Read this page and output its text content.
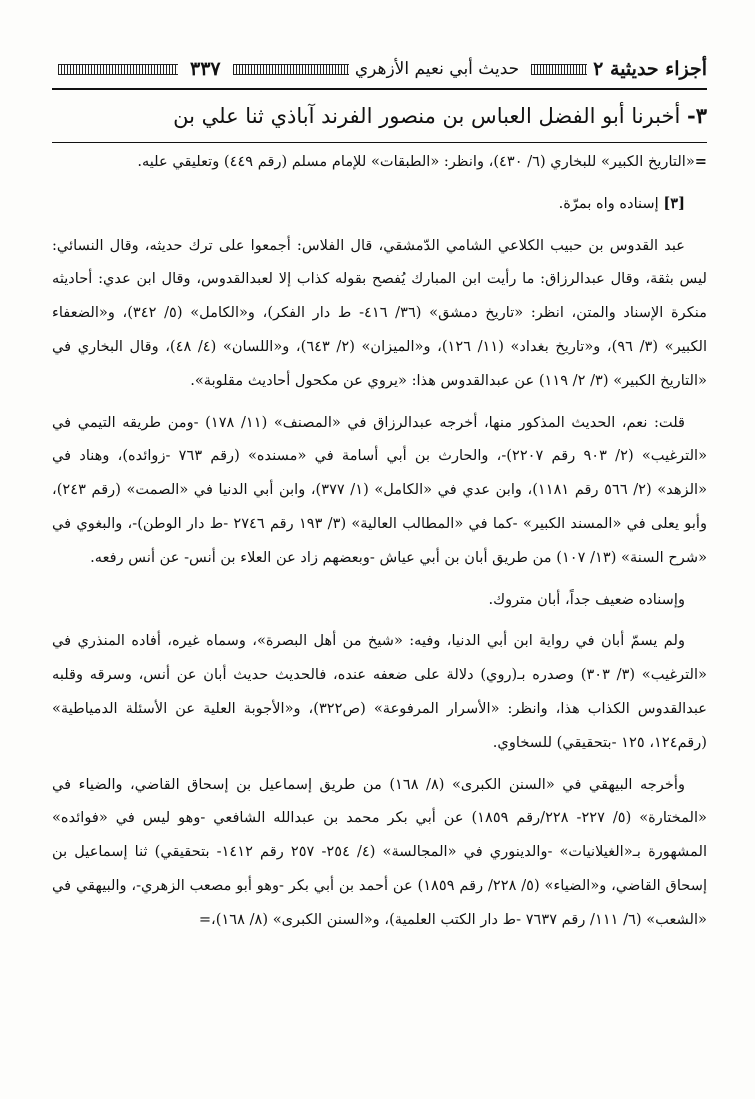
أجزاء حديثية ٢
حديث أبي نعيم الأزهري
٣٣٧
٣- أخبرنا أبو الفضل العباس بن منصور الفرند آباذي ثنا علي بن

=«التاريخ الكبير» للبخاري (٦/ ٤٣٠)، وانظر: «الطبقات» للإمام مسلم (رقم ٤٤٩) وتعليقي عليه.

[٣] إسناده واه بمرّة.

عبد القدوس بن حبيب الكلاعي الشامي الدّمشقي، قال الفلاس: أجمعوا على ترك حديثه، وقال النسائي: ليس بثقة، وقال عبدالرزاق: ما رأيت ابن المبارك يُفصح بقوله كذاب إلا لعبدالقدوس، وقال ابن عدي: أحاديثه منكرة الإسناد والمتن، انظر: «تاريخ دمشق» (٣٦/ ٤١٦- ط دار الفكر)، و«الكامل» (٥/ ٣٤٢)، و«الضعفاء الكبير» (٣/ ٩٦)، و«تاريخ بغداد» (١١/ ١٢٦)، و«الميزان» (٢/ ٦٤٣)، و«اللسان» (٤/ ٤٨)، وقال البخاري في «التاريخ الكبير» (٣/ ٢/ ١١٩) عن عبدالقدوس هذا: «يروي عن مكحول أحاديث مقلوبة».

قلت: نعم، الحديث المذكور منها، أخرجه عبدالرزاق في «المصنف» (١١/ ١٧٨) -ومن طريقه التيمي في «الترغيب» (٢/ ٩٠٣ رقم ٢٢٠٧)-، والحارث بن أبي أسامة في «مسنده» (رقم ٧٦٣ -زوائده)، وهناد في «الزهد» (٢/ ٥٦٦ رقم ١١٨١)، وابن عدي في «الكامل» (١/ ٣٧٧)، وابن أبي الدنيا في «الصمت» (رقم ٢٤٣)، وأبو يعلى في «المسند الكبير» -كما في «المطالب العالية» (٣/ ١٩٣ رقم ٢٧٤٦ -ط دار الوطن)-، والبغوي في «شرح السنة» (١٣/ ١٠٧) من طريق أبان بن أبي عياش -وبعضهم زاد عن العلاء بن أنس- عن أنس رفعه.

وإسناده ضعيف جداً، أبان متروك.

ولم يسمّ أبان في رواية ابن أبي الدنيا، وفيه: «شيخ من أهل البصرة»، وسماه غيره، أفاده المنذري في «الترغيب» (٣/ ٣٠٣) وصدره بـ(روي) دلالة على ضعفه عنده، فالحديث حديث أبان عن أنس، وسرقه وقلبه عبدالقدوس الكذاب هذا، وانظر: «الأسرار المرفوعة» (ص٣٢٢)، و«الأجوبة العلية عن الأسئلة الدمياطية» (رقم١٢٤، ١٢٥ -بتحقيقي) للسخاوي.

وأخرجه البيهقي في «السنن الكبرى» (٨/ ١٦٨) من طريق إسماعيل بن إسحاق القاضي، والضياء في «المختارة» (٥/ ٢٢٧- ٢٢٨/رقم ١٨٥٩) عن أبي بكر محمد بن عبدالله الشافعي -وهو ليس في «فوائده» المشهورة بـ«الغيلانيات» -والدينوري في «المجالسة» (٤/ ٢٥٤- ٢٥٧ رقم ١٤١٢- بتحقيقي) ثنا إسماعيل بن إسحاق القاضي، و«الضياء» (٥/ ٢٢٨/ رقم ١٨٥٩) عن أحمد بن أبي بكر -وهو أبو مصعب الزهري-، والبيهقي في «الشعب» (٦/ ١١١/ رقم ٧٦٣٧ -ط دار الكتب العلمية)، و«السنن الكبرى» (٨/ ١٦٨)،=
